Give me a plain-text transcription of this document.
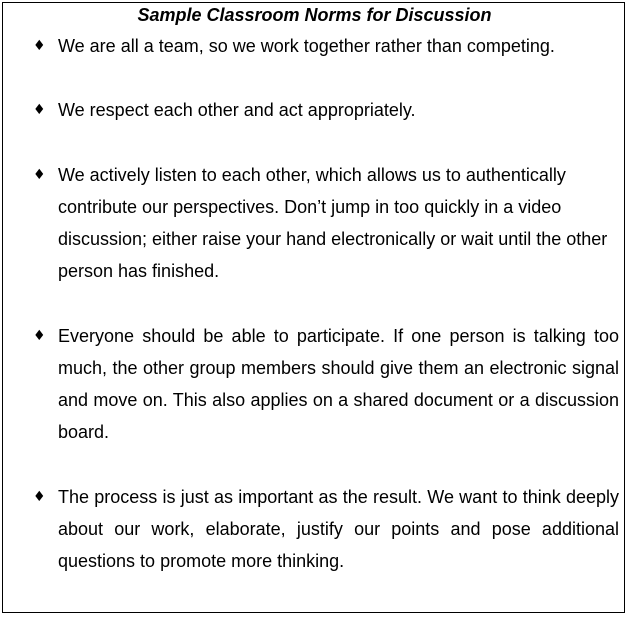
Sample Classroom Norms for Discussion
♦ We are all a team, so we work together rather than competing.
♦ We respect each other and act appropriately.
♦ We actively listen to each other, which allows us to authentically contribute our perspectives. Don’t jump in too quickly in a video discussion; either raise your hand electronically or wait until the other person has finished.
♦ Everyone should be able to participate. If one person is talking too much, the other group members should give them an electronic signal and move on. This also applies on a shared document or a discussion board.
♦ The process is just as important as the result. We want to think deeply about our work, elaborate, justify our points and pose additional questions to promote more thinking.
